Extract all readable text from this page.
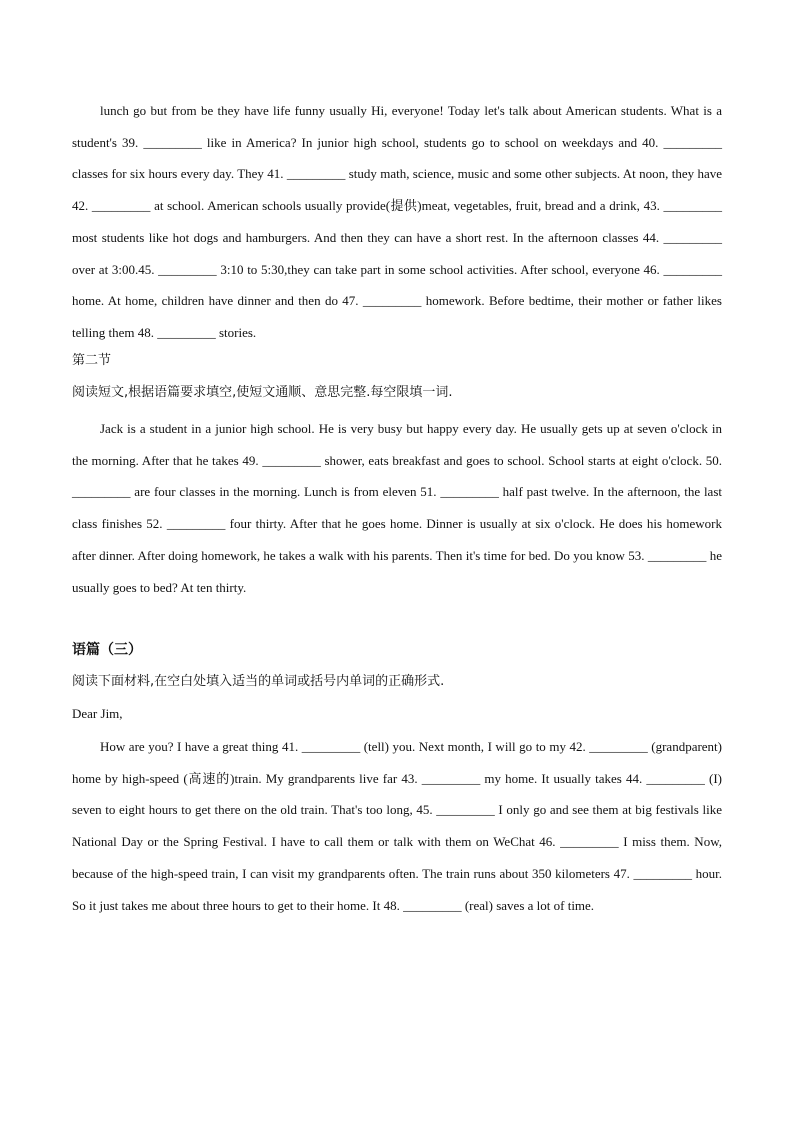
lunch go but from be they have life funny usually Hi, everyone! Today let's talk about American students. What is a student's 39. _________ like in America? In junior high school, students go to school on weekdays and 40. _________ classes for six hours every day. They 41. _________ study math, science, music and some other subjects. At noon, they have 42. _________ at school. American schools usually provide(提供)meat, vegetables, fruit, bread and a drink, 43. _________ most students like hot dogs and hamburgers. And then they can have a short rest. In the afternoon classes 44. _________ over at 3:00.45. _________ 3:10 to 5:30,they can take part in some school activities. After school, everyone 46. _________ home. At home, children have dinner and then do 47. _________ homework. Before bedtime, their mother or father likes telling them 48. _________ stories.

第二节

阅读短文,根据语篇要求填空,使短文通顺、意思完整.每空限填一词.

Jack is a student in a junior high school. He is very busy but happy every day. He usually gets up at seven o'clock in the morning. After that he takes 49. _________ shower, eats breakfast and goes to school. School starts at eight o'clock. 50. _________ are four classes in the morning. Lunch is from eleven 51. _________ half past twelve. In the afternoon, the last class finishes 52. _________ four thirty. After that he goes home. Dinner is usually at six o'clock. He does his homework after dinner. After doing homework, he takes a walk with his parents. Then it's time for bed. Do you know 53. _________ he usually goes to bed? At ten thirty.

语篇（三）

阅读下面材料,在空白处填入适当的单词或括号内单词的正确形式.

Dear Jim,

How are you? I have a great thing 41. _________ (tell) you. Next month, I will go to my 42. _________ (grandparent) home by high-speed (高速的)train. My grandparents live far 43. _________ my home. It usually takes 44. _________ (I) seven to eight hours to get there on the old train. That's too long, 45. _________ I only go and see them at big festivals like National Day or the Spring Festival. I have to call them or talk with them on WeChat 46. _________ I miss them. Now, because of the high-speed train, I can visit my grandparents often. The train runs about 350 kilometers 47. _________ hour. So it just takes me about three hours to get to their home. It 48. _________ (real) saves a lot of time.
